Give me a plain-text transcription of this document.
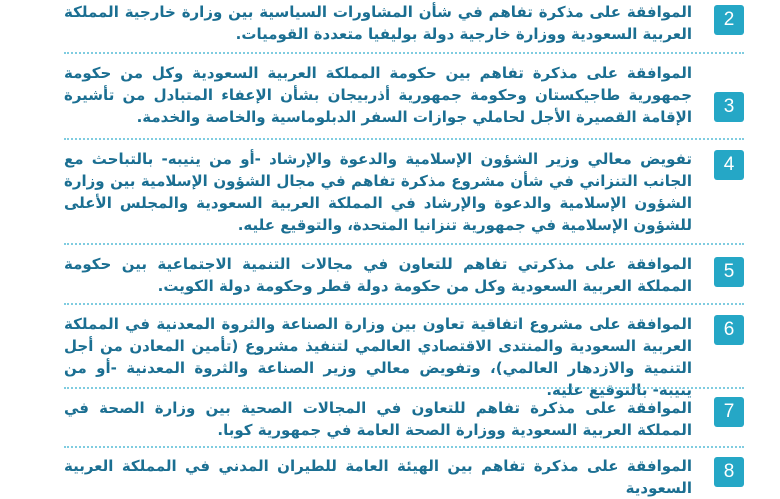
2

الموافقة على مذكرة تفاهم في شأن المشاورات السياسية بين وزارة خارجية المملكة العربية السعودية ووزارة خارجية دولة بوليفيا متعددة القوميات.

3

الموافقة على مذكرة تفاهم بين حكومة المملكة العربية السعودية وكل من حكومة جمهورية طاجيكستان وحكومة جمهورية أذربيجان بشأن الإعفاء المتبادل من تأشيرة الإقامة القصيرة الأجل لحاملي جوازات السفر الدبلوماسية والخاصة والخدمة.

4

تفويض معالي وزير الشؤون الإسلامية والدعوة والإرشاد -أو من ينيبه- بالتباحث مع الجانب التنزاني في شأن مشروع مذكرة تفاهم في مجال الشؤون الإسلامية بين وزارة الشؤون الإسلامية والدعوة والإرشاد في المملكة العربية السعودية والمجلس الأعلى للشؤون الإسلامية في جمهورية تنزانيا المتحدة، والتوقيع عليه.

5

الموافقة على مذكرتي تفاهم للتعاون في مجالات التنمية الاجتماعية بين حكومة المملكة العربية السعودية وكل من حكومة دولة قطر وحكومة دولة الكويت.

6

الموافقة على مشروع اتفاقية تعاون بين وزارة الصناعة والثروة المعدنية في المملكة العربية السعودية والمنتدى الاقتصادي العالمي لتنفيذ مشروع (تأمين المعادن من أجل التنمية والازدهار العالمي)، وتفويض معالي وزير الصناعة والثروة المعدنية -أو من ينيبه- بالتوقيع عليه.

7

الموافقة على مذكرة تفاهم للتعاون في المجالات الصحية بين وزارة الصحة في المملكة العربية السعودية ووزارة الصحة العامة في جمهورية كوبا.

8

الموافقة على مذكرة تفاهم بين الهيئة العامة للطيران المدني في المملكة العربية السعودية
